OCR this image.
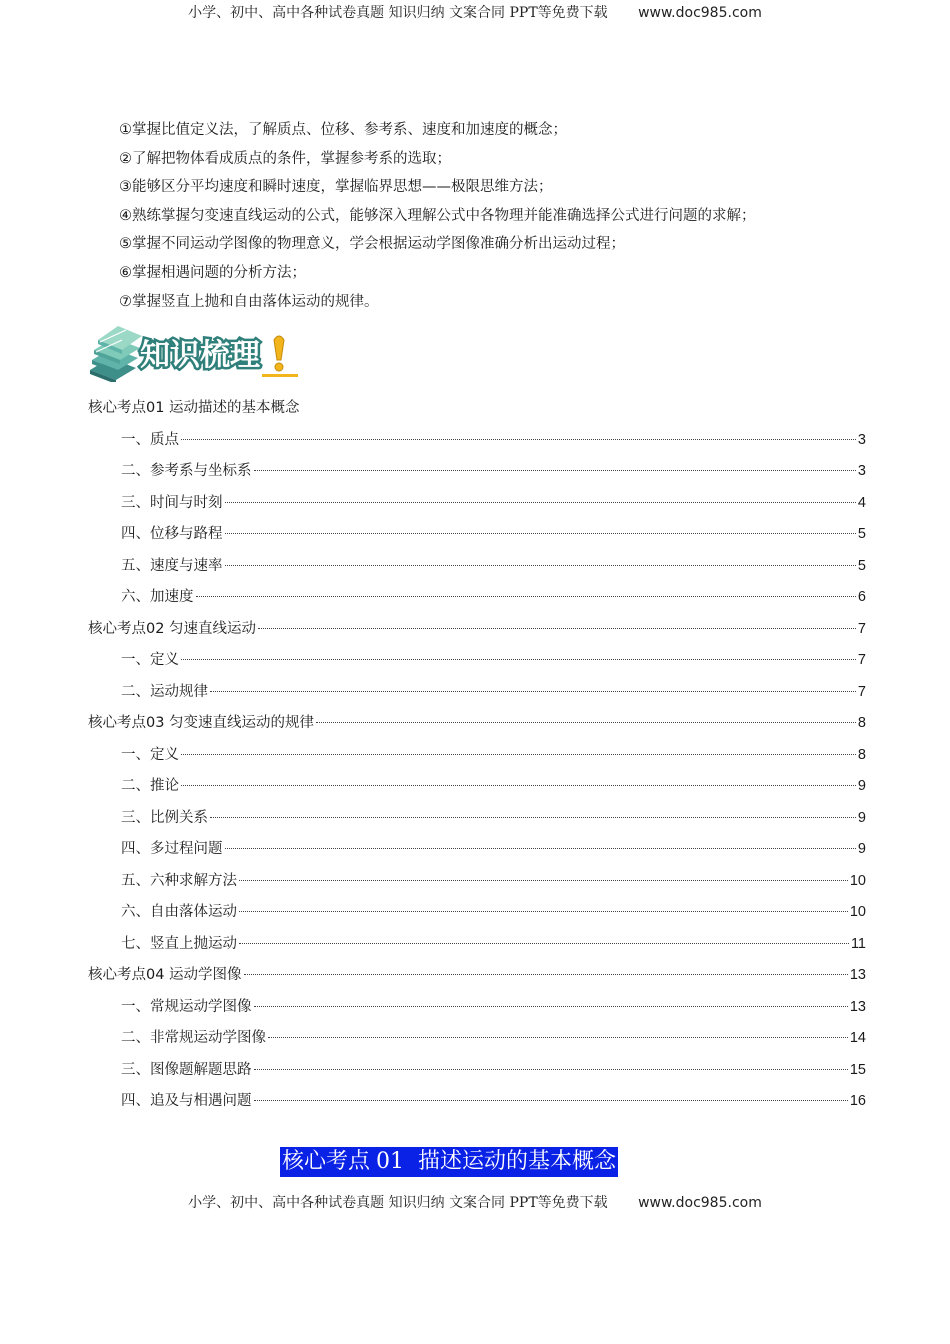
小学、初中、高中各种试卷真题 知识归纳 文案合同 PPT等免费下载 www.doc985.com
①掌握比值定义法，了解质点、位移、参考系、速度和加速度的概念；
②了解把物体看成质点的条件，掌握参考系的选取；
③能够区分平均速度和瞬时速度，掌握临界思想——极限思维方法；
④熟练掌握匀变速直线运动的公式，能够深入理解公式中各物理并能准确选择公式进行问题的求解；
⑤掌握不同运动学图像的物理意义，学会根据运动学图像准确分析出运动过程；
⑥掌握相遇问题的分析方法；
⑦掌握竖直上抛和自由落体运动的规律。
知识梳理
核心考点01 运动描述的基本概念
一、质点	3
二、参考系与坐标系	3
三、时间与时刻	4
四、位移与路程	5
五、速度与速率	5
六、加速度	6
核心考点02 匀速直线运动	7
一、定义	7
二、运动规律	7
核心考点03 匀变速直线运动的规律	8
一、定义	8
二、推论	9
三、比例关系	9
四、多过程问题	9
五、六种求解方法	10
六、自由落体运动	10
七、竖直上抛运动	11
核心考点04 运动学图像	13
一、常规运动学图像	13
二、非常规运动学图像	14
三、图像题解题思路	15
四、追及与相遇问题	16
核心考点 01 描述运动的基本概念
小学、初中、高中各种试卷真题 知识归纳 文案合同 PPT等免费下载 www.doc985.com
